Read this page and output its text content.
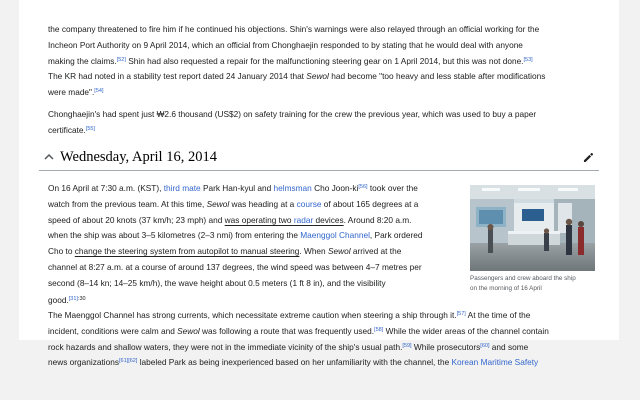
the company threatened to fire him if he continued his objections. Shin's warnings were also relayed through an official working for the
Incheon Port Authority on 9 April 2014, which an official from Chonghaejin responded to by stating that he would deal with anyone
making the claims.[52] Shin had also requested a repair for the malfunctioning steering gear on 1 April 2014, but this was not done.[53]
The KR had noted in a stability test report dated 24 January 2014 that Sewol had become "too heavy and less stable after modifications
were made".[54]

Chonghaejin's had spent just ₩2.6 thousand (US$2) on safety training for the crew the previous year, which was used to buy a paper
certificate.[55]

Wednesday, April 16, 2014

On 16 April at 7:30 a.m. (KST), third mate Park Han-kyul and helmsman Cho Joon-ki[56] took over the
watch from the previous team. At this time, Sewol was heading at a course of about 165 degrees at a
speed of about 20 knots (37 km/h; 23 mph) and was operating two radar devices. Around 8:20 a.m.
when the ship was about 3–5 kilometres (2–3 nmi) from entering the Maenggol Channel, Park ordered
Cho to change the steering system from autopilot to manual steering. When Sewol arrived at the
channel at 8:27 a.m. at a course of around 137 degrees, the wind speed was between 4–7 metres per
second (8–14 kn; 14–25 km/h), the wave height about 0.5 meters (1 ft 8 in), and the visibility
good.$^{[31]:30}$

Passengers and crew aboard the ship
on the morning of 16 April

The Maenggol Channel has strong currents, which necessitate extreme caution when steering a ship through it.[57] At the time of the
incident, conditions were calm and Sewol was following a route that was frequently used.[58] While the wider areas of the channel contain
rock hazards and shallow waters, they were not in the immediate vicinity of the ship's usual path.[59] While prosecutors[60] and some
news organizations[61][62] labeled Park as being inexperienced based on her unfamiliarity with the channel, the Korean Maritime Safety
